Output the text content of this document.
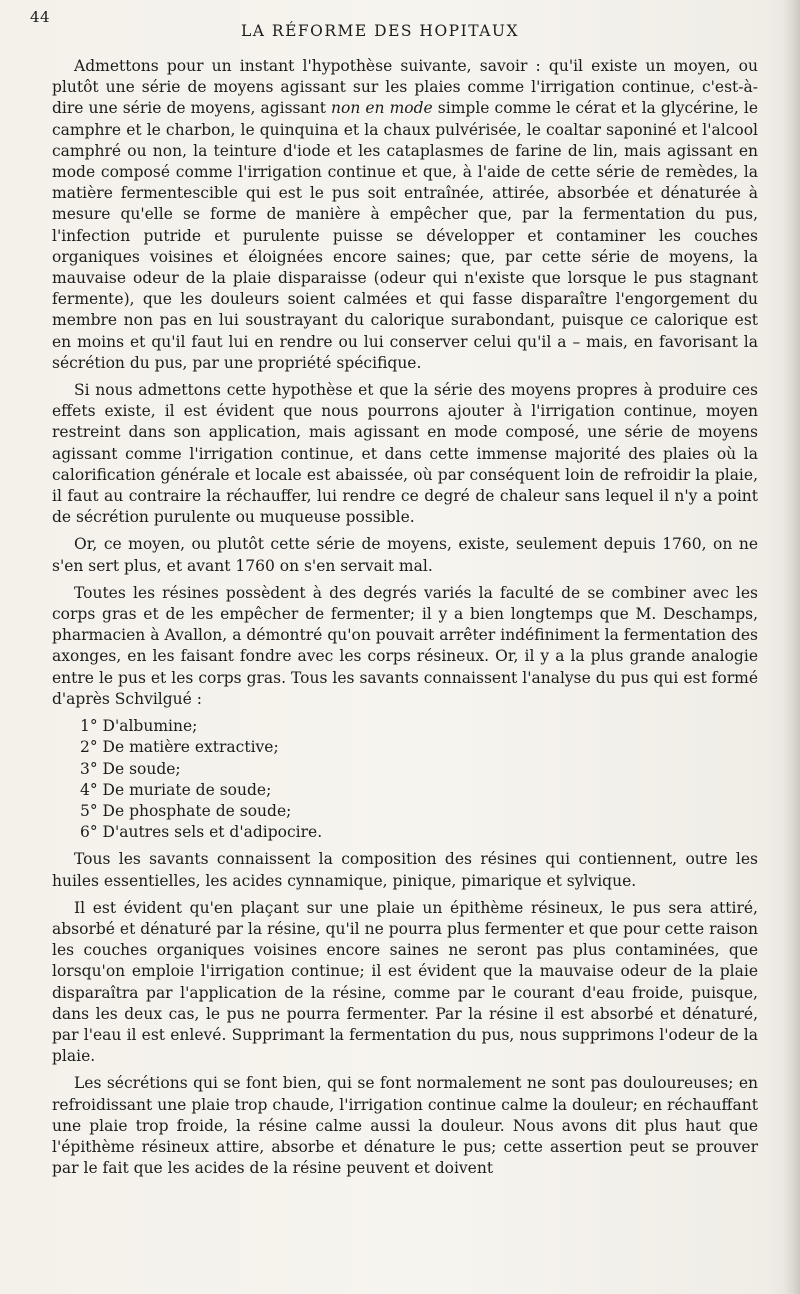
44
LA RÉFORME DES HOPITAUX

Admettons pour un instant l'hypothèse suivante, savoir : qu'il existe un moyen, ou plutôt une série de moyens agissant sur les plaies comme l'irrigation continue, c'est-à-dire une série de moyens, agissant non en mode simple comme le cérat et la glycérine, le camphre et le charbon, le quinquina et la chaux pulvérisée, le coaltar saponiné et l'alcool camphré ou non, la teinture d'iode et les cataplasmes de farine de lin, mais agissant en mode composé comme l'irrigation continue et que, à l'aide de cette série de remèdes, la matière fermentescible qui est le pus soit entraînée, attirée, absorbée et dénaturée à mesure qu'elle se forme de manière à empêcher que, par la fermentation du pus, l'infection putride et purulente puisse se développer et contaminer les couches organiques voisines et éloignées encore saines; que, par cette série de moyens, la mauvaise odeur de la plaie disparaisse (odeur qui n'existe que lorsque le pus stagnant fermente), que les douleurs soient calmées et qui fasse disparaître l'engorgement du membre non pas en lui soustrayant du calorique surabondant, puisque ce calorique est en moins et qu'il faut lui en rendre ou lui conserver celui qu'il a – mais, en favorisant la sécrétion du pus, par une propriété spécifique.

Si nous admettons cette hypothèse et que la série des moyens propres à produire ces effets existe, il est évident que nous pourrons ajouter à l'irrigation continue, moyen restreint dans son application, mais agissant en mode composé, une série de moyens agissant comme l'irrigation continue, et dans cette immense majorité des plaies où la calorification générale et locale est abaissée, où par conséquent loin de refroidir la plaie, il faut au contraire la réchauffer, lui rendre ce degré de chaleur sans lequel il n'y a point de sécrétion purulente ou muqueuse possible.

Or, ce moyen, ou plutôt cette série de moyens, existe, seulement depuis 1760, on ne s'en sert plus, et avant 1760 on s'en servait mal.

Toutes les résines possèdent à des degrés variés la faculté de se combiner avec les corps gras et de les empêcher de fermenter; il y a bien longtemps que M. Deschamps, pharmacien à Avallon, a démontré qu'on pouvait arrêter indéfiniment la fermentation des axonges, en les faisant fondre avec les corps résineux. Or, il y a la plus grande analogie entre le pus et les corps gras. Tous les savants connaissent l'analyse du pus qui est formé d'après Schvilgué :

1° D'albumine;
2° De matière extractive;
3° De soude;
4° De muriate de soude;
5° De phosphate de soude;
6° D'autres sels et d'adipocire.

Tous les savants connaissent la composition des résines qui contiennent, outre les huiles essentielles, les acides cynnamique, pinique, pimarique et sylvique.

Il est évident qu'en plaçant sur une plaie un épithème résineux, le pus sera attiré, absorbé et dénaturé par la résine, qu'il ne pourra plus fermenter et que pour cette raison les couches organiques voisines encore saines ne seront pas plus contaminées, que lorsqu'on emploie l'irrigation continue; il est évident que la mauvaise odeur de la plaie disparaîtra par l'application de la résine, comme par le courant d'eau froide, puisque, dans les deux cas, le pus ne pourra fermenter. Par la résine il est absorbé et dénaturé, par l'eau il est enlevé. Supprimant la fermentation du pus, nous supprimons l'odeur de la plaie.

Les sécrétions qui se font bien, qui se font normalement ne sont pas douloureuses; en refroidissant une plaie trop chaude, l'irrigation continue calme la douleur; en réchauffant une plaie trop froide, la résine calme aussi la douleur. Nous avons dit plus haut que l'épithème résineux attire, absorbe et dénature le pus; cette assertion peut se prouver par le fait que les acides de la résine peuvent et doivent
